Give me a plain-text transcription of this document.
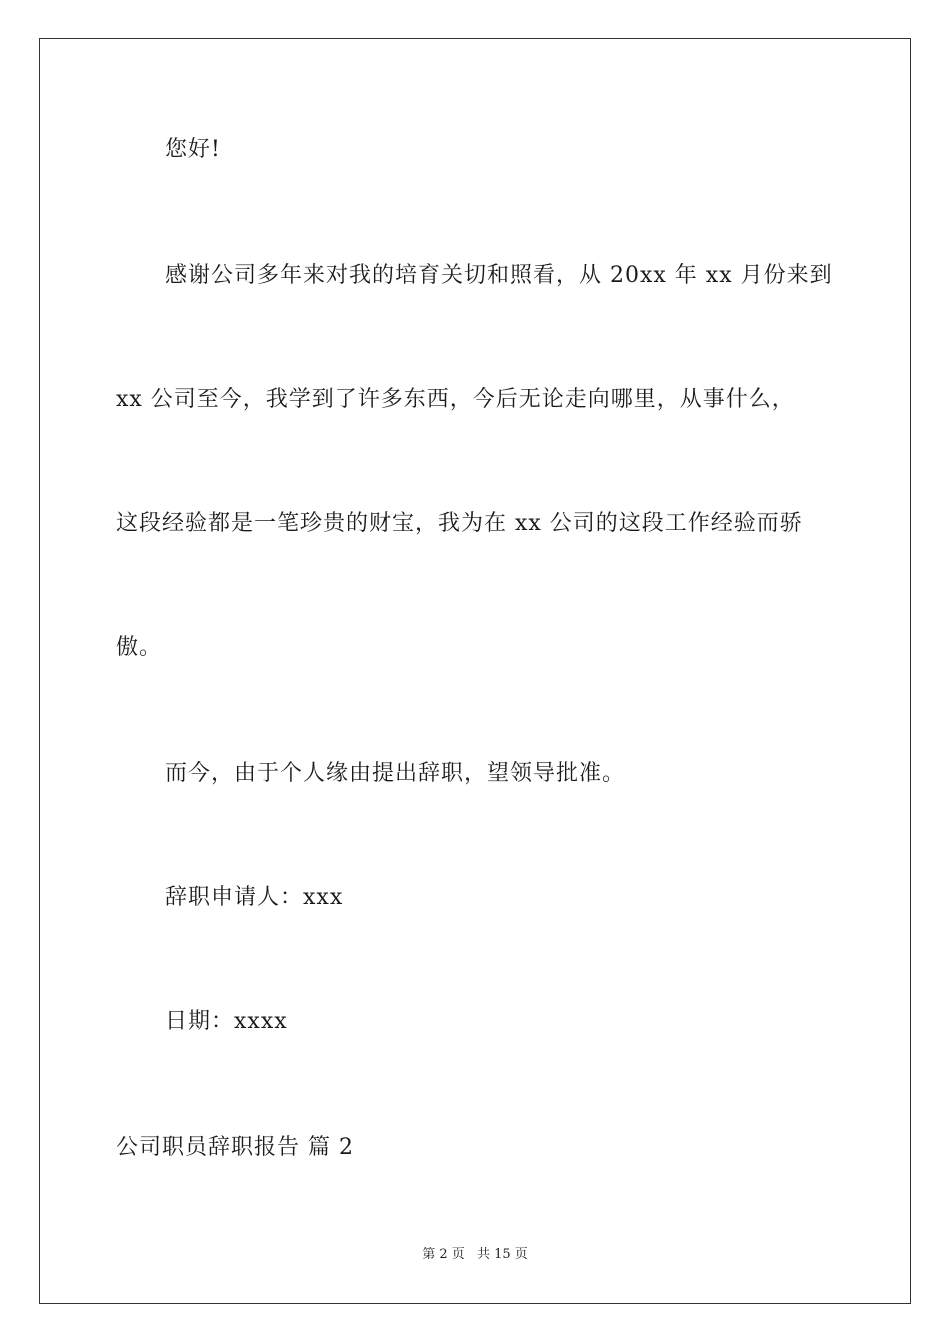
您好!
感谢公司多年来对我的培育关切和照看，从 20xx 年 xx 月份来到
xx 公司至今，我学到了许多东西，今后无论走向哪里，从事什么，
这段经验都是一笔珍贵的财宝，我为在 xx 公司的这段工作经验而骄
傲。
而今，由于个人缘由提出辞职，望领导批准。
辞职申请人：xxx
日期：xxxx
公司职员辞职报告 篇 2
第 2 页 共 15 页
